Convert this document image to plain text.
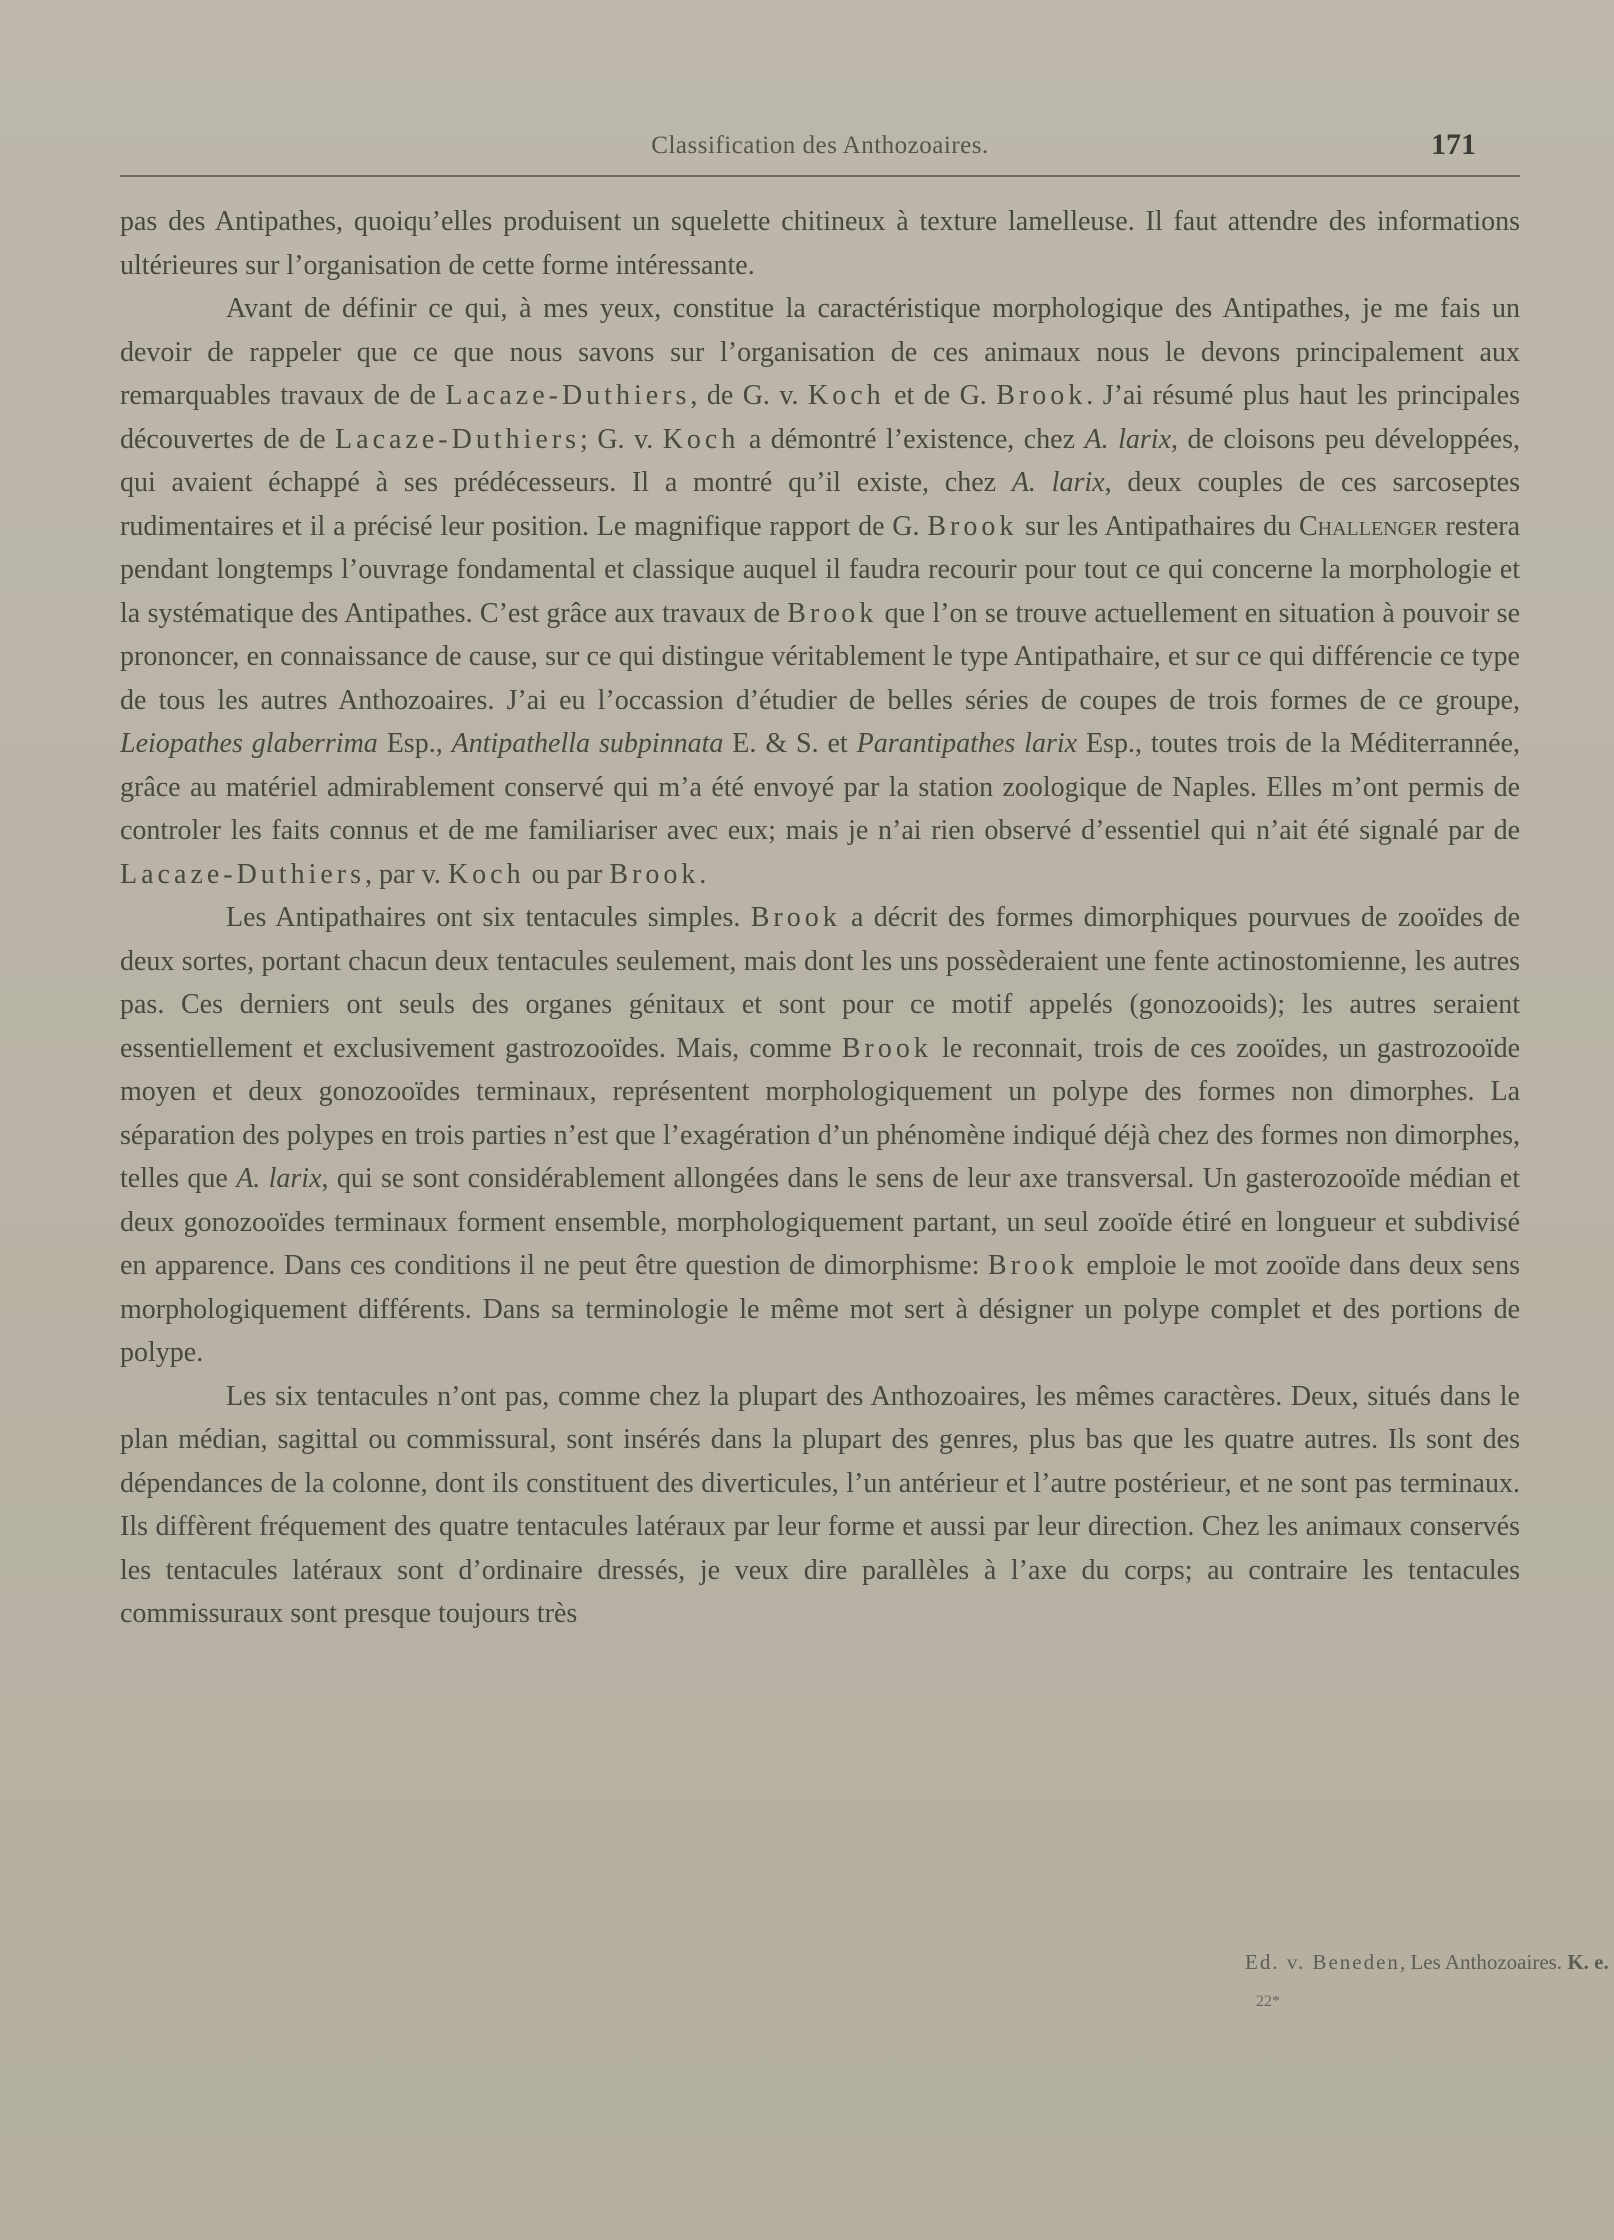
Classification des Anthozoaires.	171

pas des Antipathes, quoiqu’elles produisent un squelette chitineux à texture lamelleuse. Il faut attendre des informations ultérieures sur l’organisation de cette forme intéressante.

Avant de définir ce qui, à mes yeux, constitue la caractéristique morphologique des Antipathes, je me fais un devoir de rappeler que ce que nous savons sur l’organisation de ces animaux nous le devons principalement aux remarquables travaux de de Lacaze-Duthiers, de G. v. Koch et de G. Brook. J’ai résumé plus haut les principales découvertes de de Lacaze-Duthiers; G. v. Koch a démontré l’existence, chez A. larix, de cloisons peu développées, qui avaient échappé à ses prédécesseurs. Il a montré qu’il existe, chez A. larix, deux couples de ces sarcoseptes rudimentaires et il a précisé leur position. Le magnifique rapport de G. Brook sur les Antipathaires du Challenger restera pendant longtemps l’ouvrage fondamental et classique auquel il faudra recourir pour tout ce qui concerne la morphologie et la systématique des Antipathes. C’est grâce aux travaux de Brook que l’on se trouve actuellement en situation à pouvoir se prononcer, en connaissance de cause, sur ce qui distingue véritablement le type Antipathaire, et sur ce qui différencie ce type de tous les autres Anthozoaires. J’ai eu l’occassion d’étudier de belles séries de coupes de trois formes de ce groupe, Leiopathes glaberrima Esp., Antipathella subpinnata E. & S. et Parantipathes larix Esp., toutes trois de la Méditerrannée, grâce au matériel admirablement conservé qui m’a été envoyé par la station zoologique de Naples. Elles m’ont permis de controler les faits connus et de me familiariser avec eux; mais je n’ai rien observé d’essentiel qui n’ait été signalé par de Lacaze-Duthiers, par v. Koch ou par Brook.

Les Antipathaires ont six tentacules simples. Brook a décrit des formes dimorphiques pourvues de zooïdes de deux sortes, portant chacun deux tentacules seulement, mais dont les uns possèderaient une fente actinostomienne, les autres pas. Ces derniers ont seuls des organes génitaux et sont pour ce motif appelés (gonozooids); les autres seraient essentiellement et exclusivement gastrozooïdes. Mais, comme Brook le reconnait, trois de ces zooïdes, un gastrozooïde moyen et deux gonozooïdes terminaux, représentent morphologiquement un polype des formes non dimorphes. La séparation des polypes en trois parties n’est que l’exagération d’un phénomène indiqué déjà chez des formes non dimorphes, telles que A. larix, qui se sont considérablement allongées dans le sens de leur axe transversal. Un gasterozooïde médian et deux gonozooïdes terminaux forment ensemble, morphologiquement partant, un seul zooïde étiré en longueur et subdivisé en apparence. Dans ces conditions il ne peut être question de dimorphisme: Brook emploie le mot zooïde dans deux sens morphologiquement différents. Dans sa terminologie le même mot sert à désigner un polype complet et des portions de polype.

Les six tentacules n’ont pas, comme chez la plupart des Anthozoaires, les mêmes caractères. Deux, situés dans le plan médian, sagittal ou commissural, sont insérés dans la plupart des genres, plus bas que les quatre autres. Ils sont des dépendances de la colonne, dont ils constituent des diverticules, l’un antérieur et l’autre postérieur, et ne sont pas terminaux. Ils diffèrent fréquement des quatre tentacules latéraux par leur forme et aussi par leur direction. Chez les animaux conservés les tentacules latéraux sont d’ordinaire dressés, je veux dire parallèles à l’axe du corps; au contraire les tentacules commissuraux sont presque toujours très

Ed. v. Beneden, Les Anthozoaires. K. e.
22*
